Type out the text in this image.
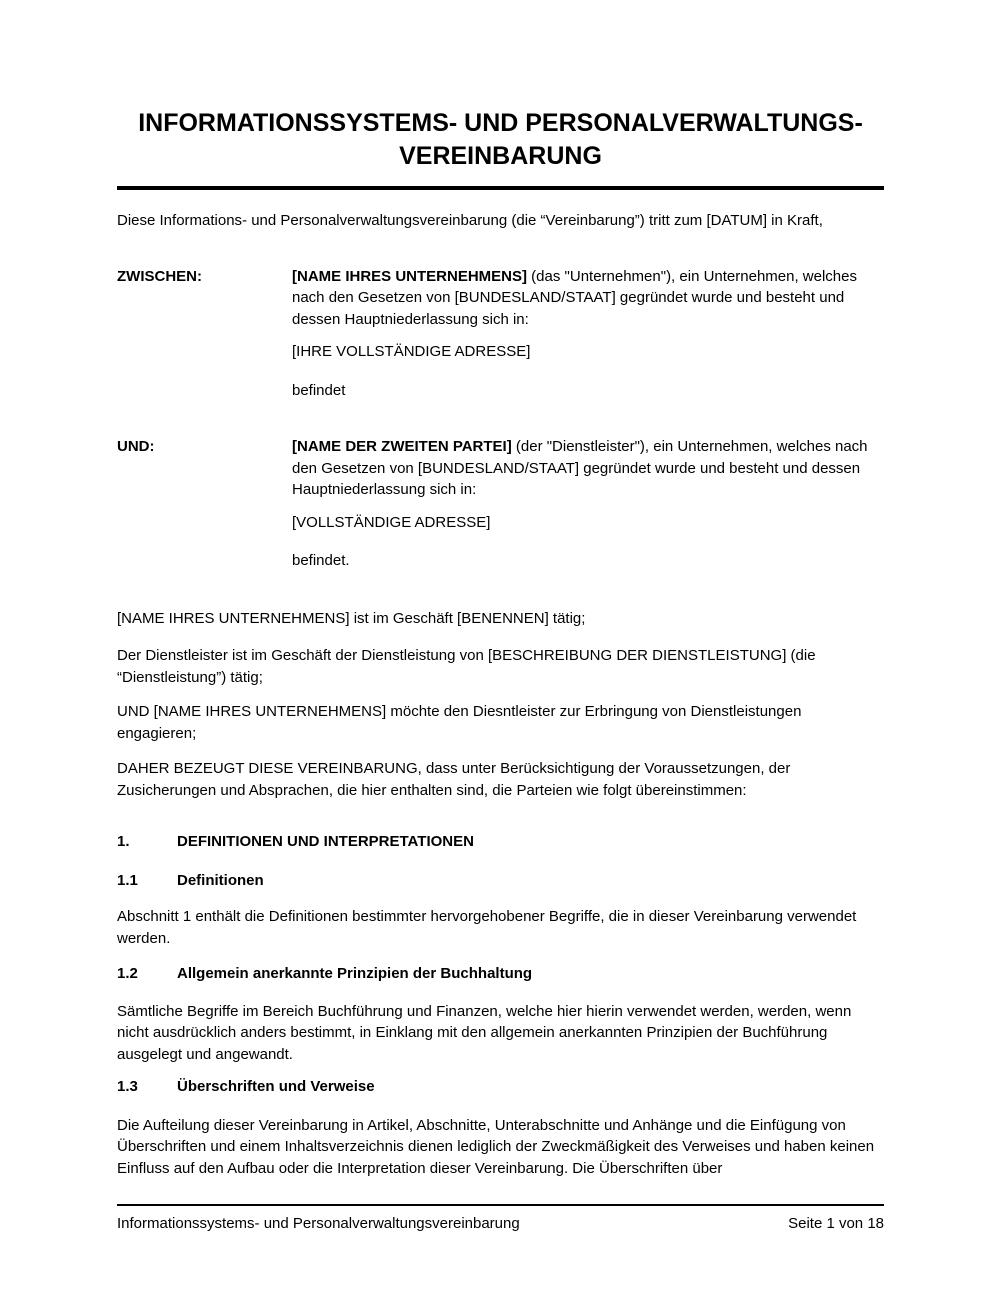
INFORMATIONSSYSTEMS- UND PERSONALVERWALTUNGS-
VEREINBARUNG

Diese Informations- und Personalverwaltungsvereinbarung (die “Vereinbarung”) tritt zum [DATUM] in Kraft,

ZWISCHEN:	[NAME IHRES UNTERNEHMENS] (das "Unternehmen"), ein Unternehmen, welches nach den Gesetzen von [BUNDESLAND/STAAT] gegründet wurde und besteht und dessen Hauptniederlassung sich in:

[IHRE VOLLSTÄNDIGE ADRESSE]

befindet

UND:	[NAME DER ZWEITEN PARTEI] (der "Dienstleister"), ein Unternehmen, welches nach den Gesetzen von [BUNDESLAND/STAAT] gegründet wurde und besteht und dessen Hauptniederlassung sich in:

[VOLLSTÄNDIGE ADRESSE]

befindet.

[NAME IHRES UNTERNEHMENS] ist im Geschäft [BENENNEN] tätig;

Der Dienstleister ist im Geschäft der Dienstleistung von [BESCHREIBUNG DER DIENSTLEISTUNG] (die “Dienstleistung”) tätig;

UND [NAME IHRES UNTERNEHMENS] möchte den Diesntleister zur Erbringung von Dienstleistungen engagieren;

DAHER BEZEUGT DIESE VEREINBARUNG, dass unter Berücksichtigung der Voraussetzungen, der Zusicherungen und Absprachen, die hier enthalten sind, die Parteien wie folgt übereinstimmen:

1.	DEFINITIONEN UND INTERPRETATIONEN
1.1	Definitionen

Abschnitt 1 enthält die Definitionen bestimmter hervorgehobener Begriffe, die in dieser Vereinbarung verwendet werden.

1.2	Allgemein anerkannte Prinzipien der Buchhaltung

Sämtliche Begriffe im Bereich Buchführung und Finanzen, welche hier hierin verwendet werden, werden, wenn nicht ausdrücklich anders bestimmt, in Einklang mit den allgemein anerkannten Prinzipien der Buchführung ausgelegt und angewandt.

1.3	Überschriften und Verweise

Die Aufteilung dieser Vereinbarung in Artikel, Abschnitte, Unterabschnitte und Anhänge und die Einfügung von Überschriften und einem Inhaltsverzeichnis dienen lediglich der Zweckmäßigkeit des Verweises und haben keinen Einfluss auf den Aufbau oder die Interpretation dieser Vereinbarung. Die Überschriften über

Informationssystems- und Personalverwaltungsvereinbarung	Seite 1 von 18
